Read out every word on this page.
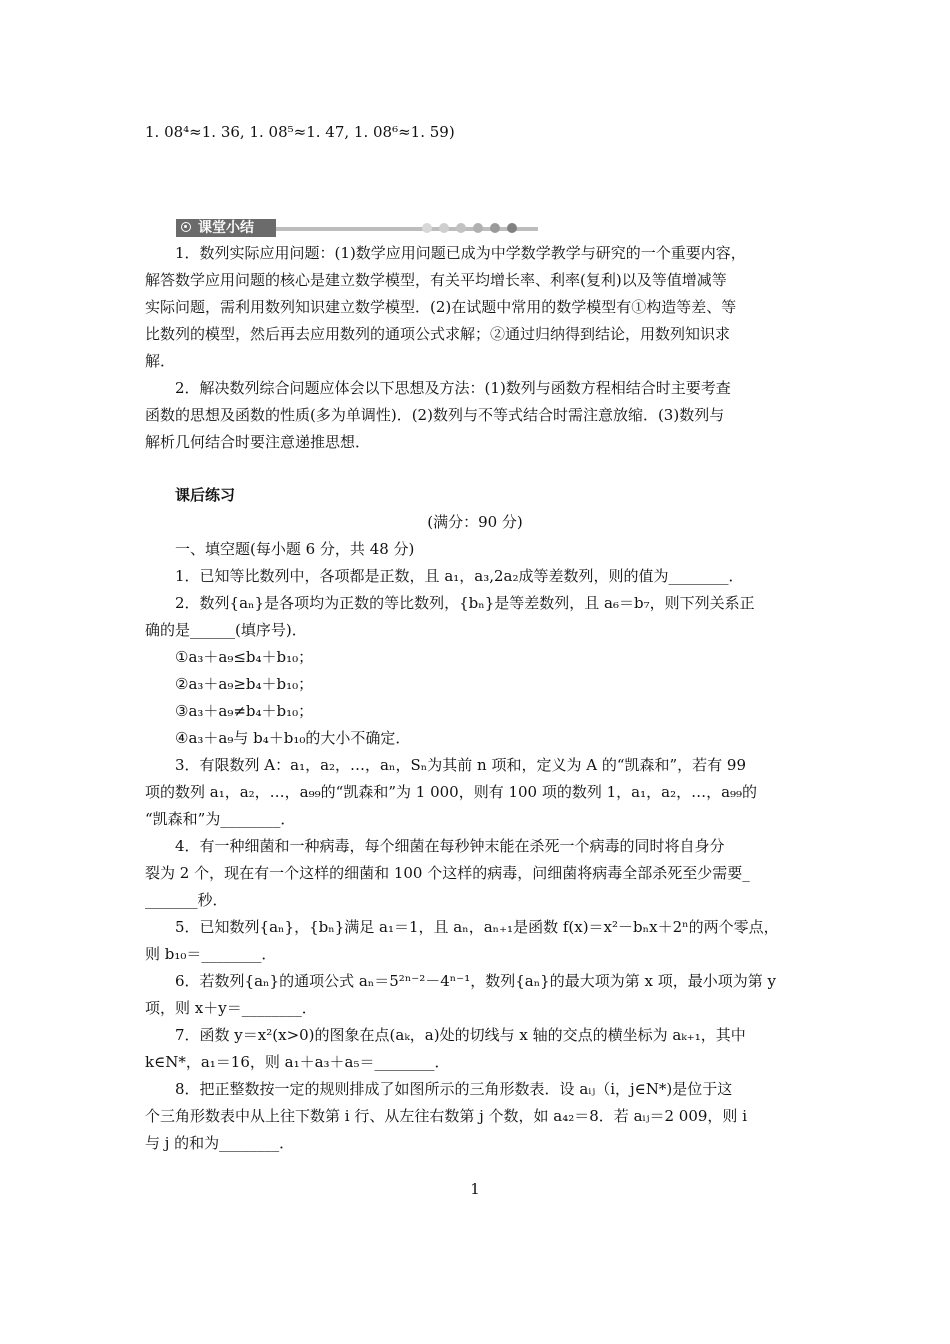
1. 08⁴≈1. 36, 1. 08⁵≈1. 47, 1. 08⁶≈1. 59)
课堂小结
1．数列实际应用问题：(1)数学应用问题已成为中学数学教学与研究的一个重要内容，
解答数学应用问题的核心是建立数学模型，有关平均增长率、利率(复利)以及等值增减等
实际问题，需利用数列知识建立数学模型．(2)在试题中常用的数学模型有①构造等差、等
比数列的模型，然后再去应用数列的通项公式求解；②通过归纳得到结论，用数列知识求
解．
2．解决数列综合问题应体会以下思想及方法：(1)数列与函数方程相结合时主要考查
函数的思想及函数的性质(多为单调性)．(2)数列与不等式结合时需注意放缩．(3)数列与
解析几何结合时要注意递推思想．
课后练习
(满分：90 分)
一、填空题(每小题 6 分，共 48 分)
1．已知等比数列中，各项都是正数，且 a₁，a₃,2a₂成等差数列，则的值为________．
2．数列{aₙ}是各项均为正数的等比数列，{bₙ}是等差数列，且 a₆＝b₇，则下列关系正
确的是______(填序号)．
①a₃＋a₉≤b₄＋b₁₀；
②a₃＋a₉≥b₄＋b₁₀；
③a₃＋a₉≠b₄＋b₁₀；
④a₃＋a₉与 b₄＋b₁₀的大小不确定．
3．有限数列 A：a₁，a₂，…，aₙ，Sₙ为其前 n 项和，定义为 A 的“凯森和”，若有 99
项的数列 a₁，a₂，…，a₉₉的“凯森和”为 1 000，则有 100 项的数列 1，a₁，a₂，…，a₉₉的
“凯森和”为________．
4．有一种细菌和一种病毒，每个细菌在每秒钟末能在杀死一个病毒的同时将自身分
裂为 2 个，现在有一个这样的细菌和 100 个这样的病毒，问细菌将病毒全部杀死至少需要_
_______秒．
5．已知数列{aₙ}，{bₙ}满足 a₁＝1，且 aₙ，aₙ₊₁是函数 f(x)＝x²－bₙx＋2ⁿ的两个零点，
则 b₁₀＝________．
6．若数列{aₙ}的通项公式 aₙ＝5²ⁿ⁻²－4ⁿ⁻¹，数列{aₙ}的最大项为第 x 项，最小项为第 y
项，则 x＋y＝________．
7．函数 y＝x²(x>0)的图象在点(aₖ，a)处的切线与 x 轴的交点的横坐标为 aₖ₊₁，其中
k∈N*，a₁＝16，则 a₁＋a₃＋a₅＝________．
8．把正整数按一定的规则排成了如图所示的三角形数表．设 aᵢⱼ（i，j∈N*)是位于这
个三角形数表中从上往下数第 i 行、从左往右数第 j 个数，如 a₄₂＝8．若 aᵢⱼ＝2 009，则 i
与 j 的和为________．
1
